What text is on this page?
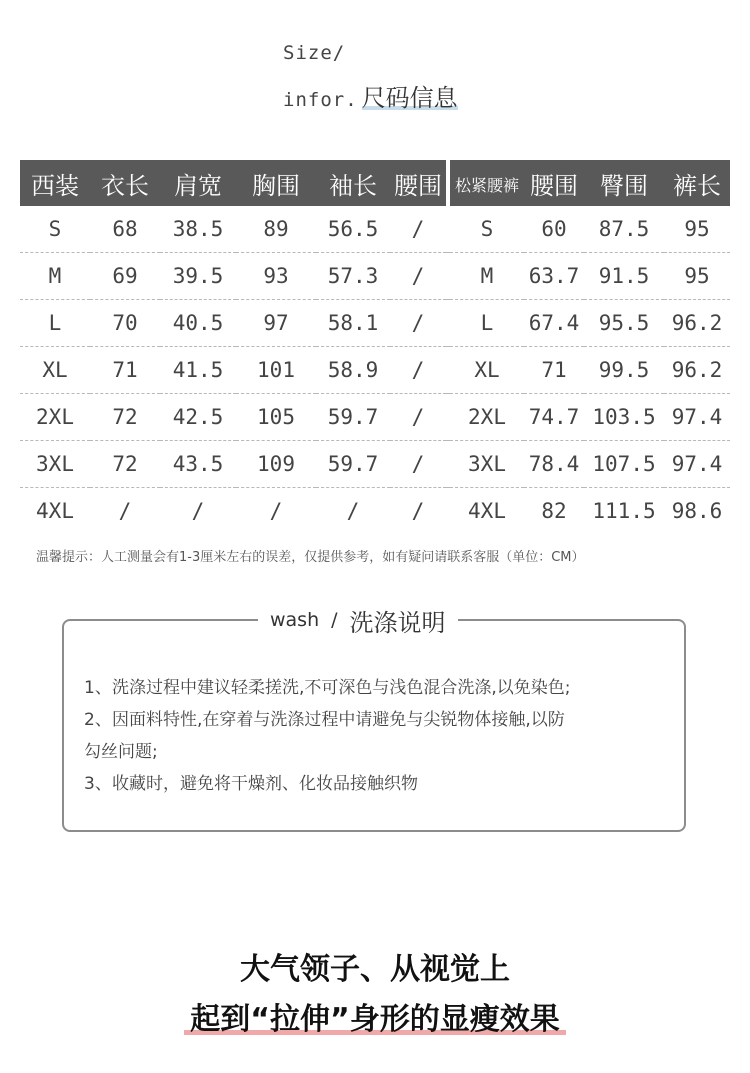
Size/
infor. 尺码信息
西装	衣长	肩宽	胸围	袖长	腰围		松紧腰裤	腰围	臀围	裤长
S	68	38.5	89	56.5	/		S	60	87.5	95
M	69	39.5	93	57.3	/		M	63.7	91.5	95
L	70	40.5	97	58.1	/		L	67.4	95.5	96.2
XL	71	41.5	101	58.9	/		XL	71	99.5	96.2
2XL	72	42.5	105	59.7	/		2XL	74.7	103.5	97.4
3XL	72	43.5	109	59.7	/		3XL	78.4	107.5	97.4
4XL	/	/	/	/	/		4XL	82	111.5	98.6
温馨提示：人工测量会有1-3厘米左右的误差，仅提供参考，如有疑问请联系客服（单位：CM）
wash / 洗涤说明
1、洗涤过程中建议轻柔搓洗,不可深色与浅色混合洗涤,以免染色;
2、因面料特性,在穿着与洗涤过程中请避免与尖锐物体接触,以防
勾丝问题;
3、收藏时，避免将干燥剂、化妆品接触织物
大气领子、从视觉上
起到“拉伸”身形的显瘦效果
